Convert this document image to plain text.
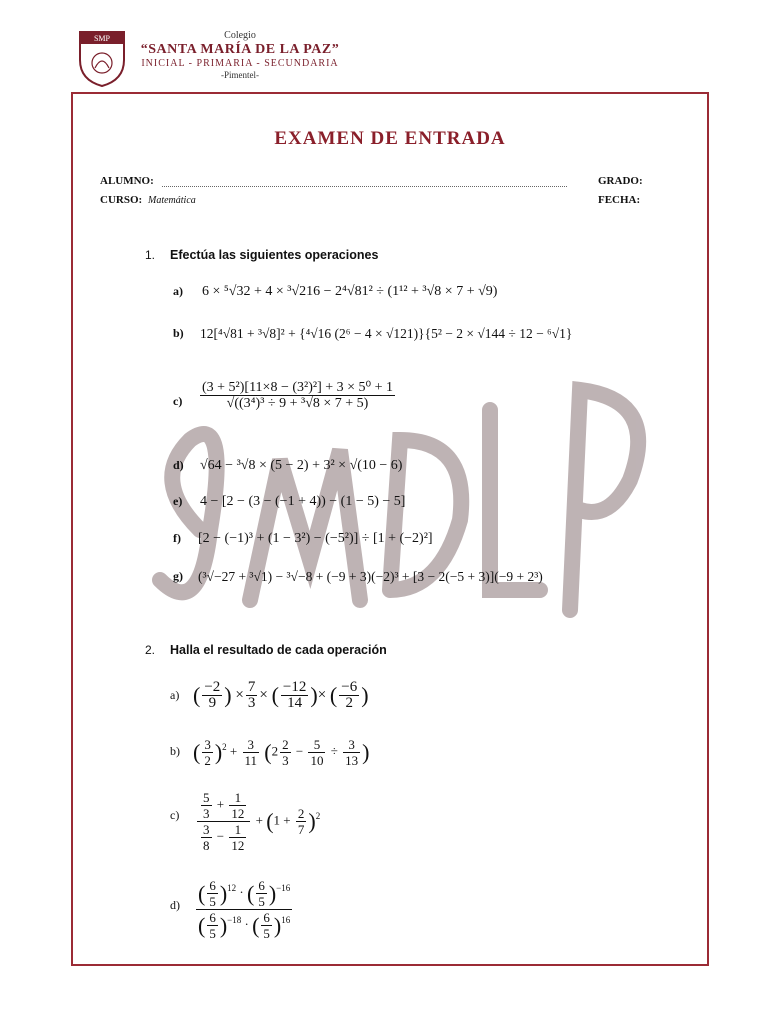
SMP	Colegio
“SANTA MARÍA DE LA PAZ”
INICIAL - PRIMARIA - SECUNDARIA
-Pimentel-
EXAMEN DE ENTRADA
ALUMNO:	GRADO:
CURSO: Matemática	FECHA:
1. Efectúa las siguientes operaciones
a) 6 × ⁵√32 + 4 × ³√216 − 2⁴√81² ÷ (1¹² + ³√8 × 7 + √9)
b) 12[⁴√81 + ³√8]² + {⁴√16 (2⁶ − 4 × √121)}{5² − 2 × √144 ÷ 12 − ⁶√1}
$c) \frac{\text{(3 + 5²)[11×8 − (3²)²] + 3 × 5⁰ + 1}}{\text{√((3⁴)³ ÷ 9 + ³√8 × 7 + 5)}}$
d) √64 − ³√8 × (5 − 2) + 3² × √(10 − 6)
e) 4 − [2 − (3 − (−1 + 4)) − (1 − 5) − 5]
f) [2 − (−1)³ + (1 − 3²) − (−5²)] ÷ [1 + (−2)²]
g) (³√−27 + ³√1) − ³√−8 + (−9 + 3)(−2)³ + [3 − 2(−5 + 3)](−9 + 2³)
2. Halla el resultado de cada operación
a) ( $\frac{-2}{9}$ ) × $\frac{7}{3}$ × ( $\frac{-12}{14}$ )× ( $\frac{-6}{2}$ )
b) ( $\frac{3}{2} )^2 + \frac{3}{11} (2 \frac{2}{3} - \frac{5}{10} \div \frac{3}{13}$ )
$c) \frac{\frac{5}{3} + \frac{1}{12}}{\frac{3}{8} - \frac{1}{12}} + (1 + \frac{2}{7} )^2$
$d) \frac{( \frac{6}{5} )^{12} \cdot ( \frac{6}{5} )^{-16}}{( \frac{6}{5} )^{-18} \cdot ( \frac{6}{5} )^{16}}$
